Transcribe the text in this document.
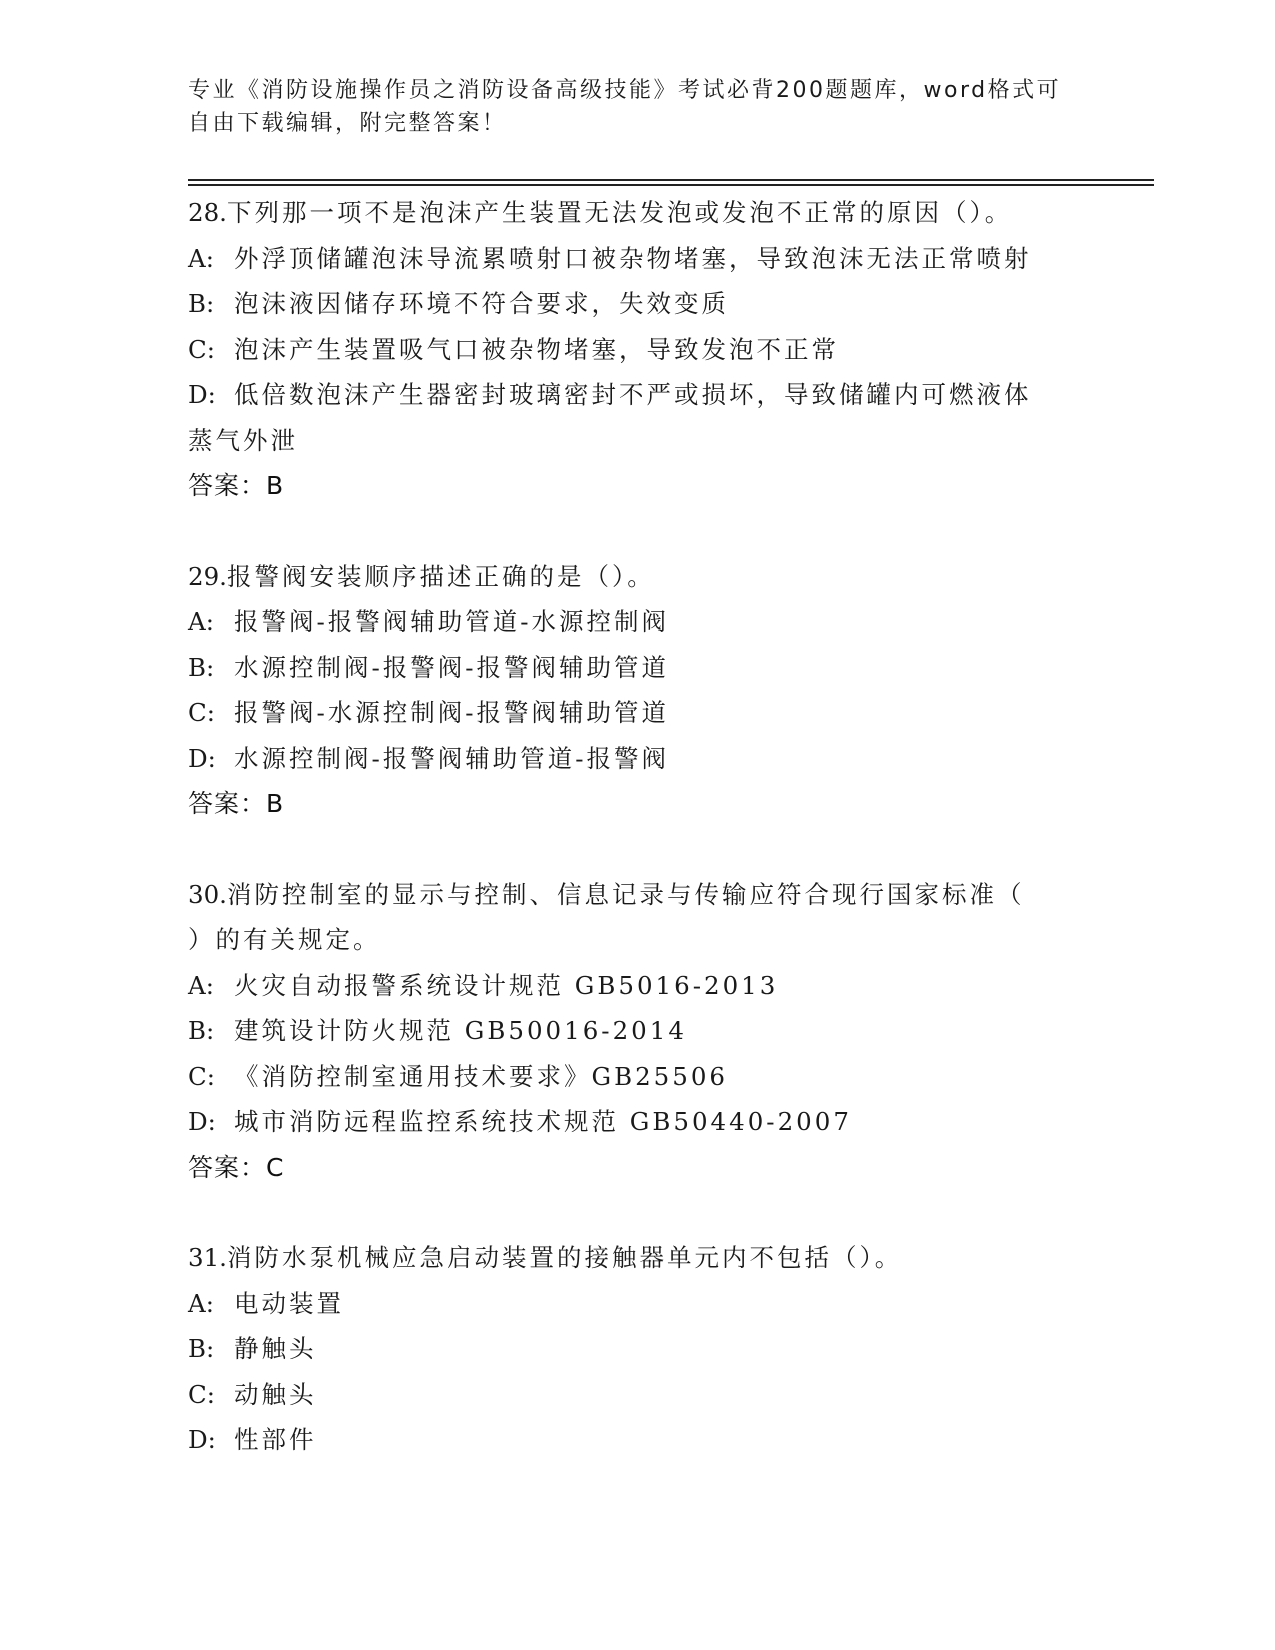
专业《消防设施操作员之消防设备高级技能》考试必背200题题库，word格式可
自由下载编辑，附完整答案！
28.下列那一项不是泡沫产生装置无法发泡或发泡不正常的原因（）。
A: 外浮顶储罐泡沫导流累喷射口被杂物堵塞，导致泡沫无法正常喷射
B: 泡沫液因储存环境不符合要求，失效变质
C: 泡沫产生装置吸气口被杂物堵塞，导致发泡不正常
D: 低倍数泡沫产生器密封玻璃密封不严或损坏，导致储罐内可燃液体
蒸气外泄
答案：B
29.报警阀安装顺序描述正确的是（）。
A: 报警阀-报警阀辅助管道-水源控制阀
B: 水源控制阀-报警阀-报警阀辅助管道
C: 报警阀-水源控制阀-报警阀辅助管道
D: 水源控制阀-报警阀辅助管道-报警阀
答案：B
30.消防控制室的显示与控制、信息记录与传输应符合现行国家标准（
）的有关规定。
A: 火灾自动报警系统设计规范 GB5016-2013
B: 建筑设计防火规范 GB50016-2014
C: 《消防控制室通用技术要求》GB25506
D: 城市消防远程监控系统技术规范 GB50440-2007
答案：C
31.消防水泵机械应急启动装置的接触器单元内不包括（）。
A: 电动装置
B: 静触头
C: 动触头
D: 性部件
